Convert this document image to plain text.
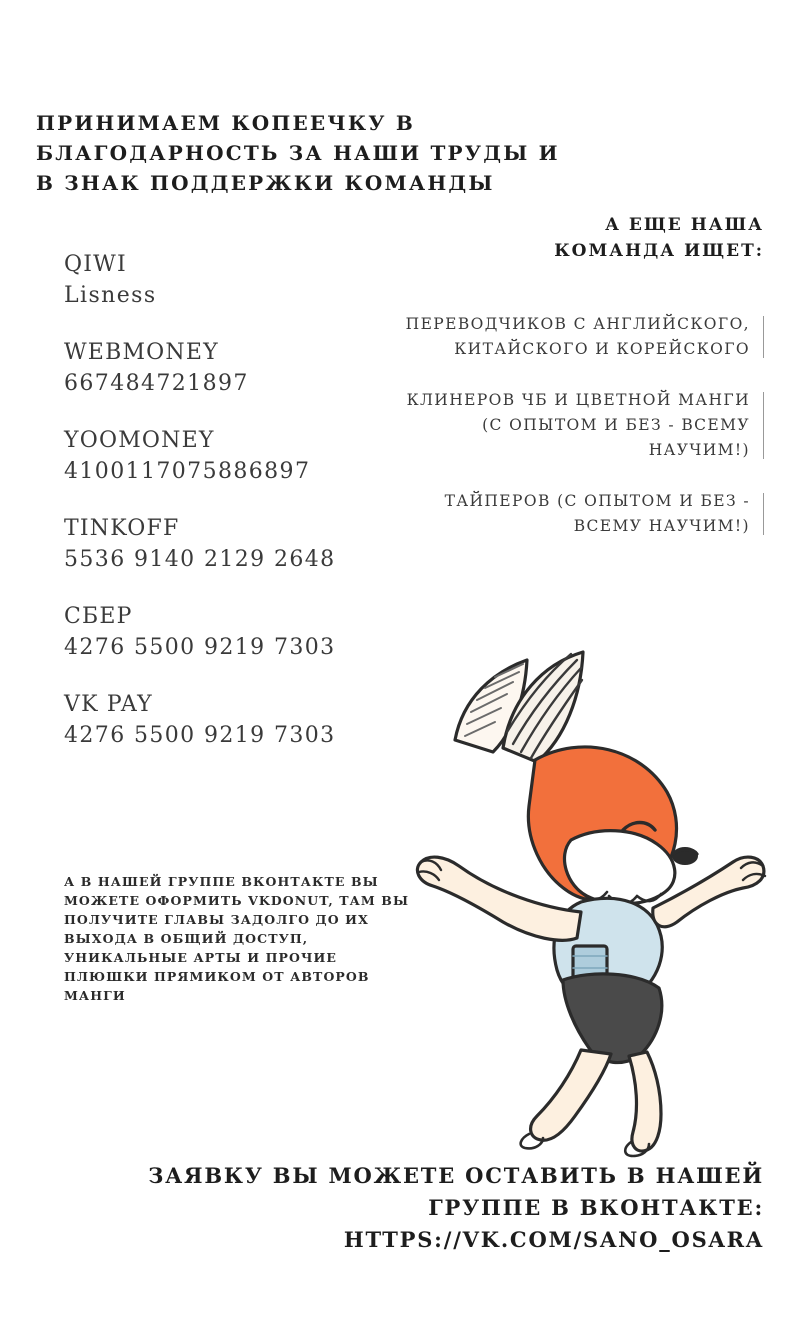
ПРИНИМАЕМ КОПЕЕЧКУ В
БЛАГОДАРНОСТЬ ЗА НАШИ ТРУДЫ И
В ЗНАК ПОДДЕРЖКИ КОМАНДЫ
QIWI
Lisness
WEBMONEY
667484721897
YOOMONEY
4100117075886897
TINKOFF
5536 9140 2129 2648
СБЕР
4276 5500 9219 7303
VK PAY
4276 5500 9219 7303
А ЕЩЕ НАША
КОМАНДА ИЩЕТ:
ПЕРЕВОДЧИКОВ С АНГЛИЙСКОГО, КИТАЙСКОГО И КОРЕЙСКОГО
КЛИНЕРОВ ЧБ И ЦВЕТНОЙ МАНГИ (С ОПЫТОМ И БЕЗ - ВСЕМУ НАУЧИМ!)
ТАЙПЕРОВ (С ОПЫТОМ И БЕЗ - ВСЕМУ НАУЧИМ!)
А В НАШЕЙ ГРУППЕ ВКОНТАКТЕ ВЫ МОЖЕТЕ ОФОРМИТЬ VKDONUT, ТАМ ВЫ ПОЛУЧИТЕ ГЛАВЫ ЗАДОЛГО ДО ИХ ВЫХОДА В ОБЩИЙ ДОСТУП, УНИКАЛЬНЫЕ АРТЫ И ПРОЧИЕ ПЛЮШКИ ПРЯМИКОМ ОТ АВТОРОВ МАНГИ
ЗАЯВКУ ВЫ МОЖЕТЕ ОСТАВИТЬ В НАШЕЙ
ГРУППЕ В ВКОНТАКТЕ: HTTPS://VK.COM/SANO_OSARA
